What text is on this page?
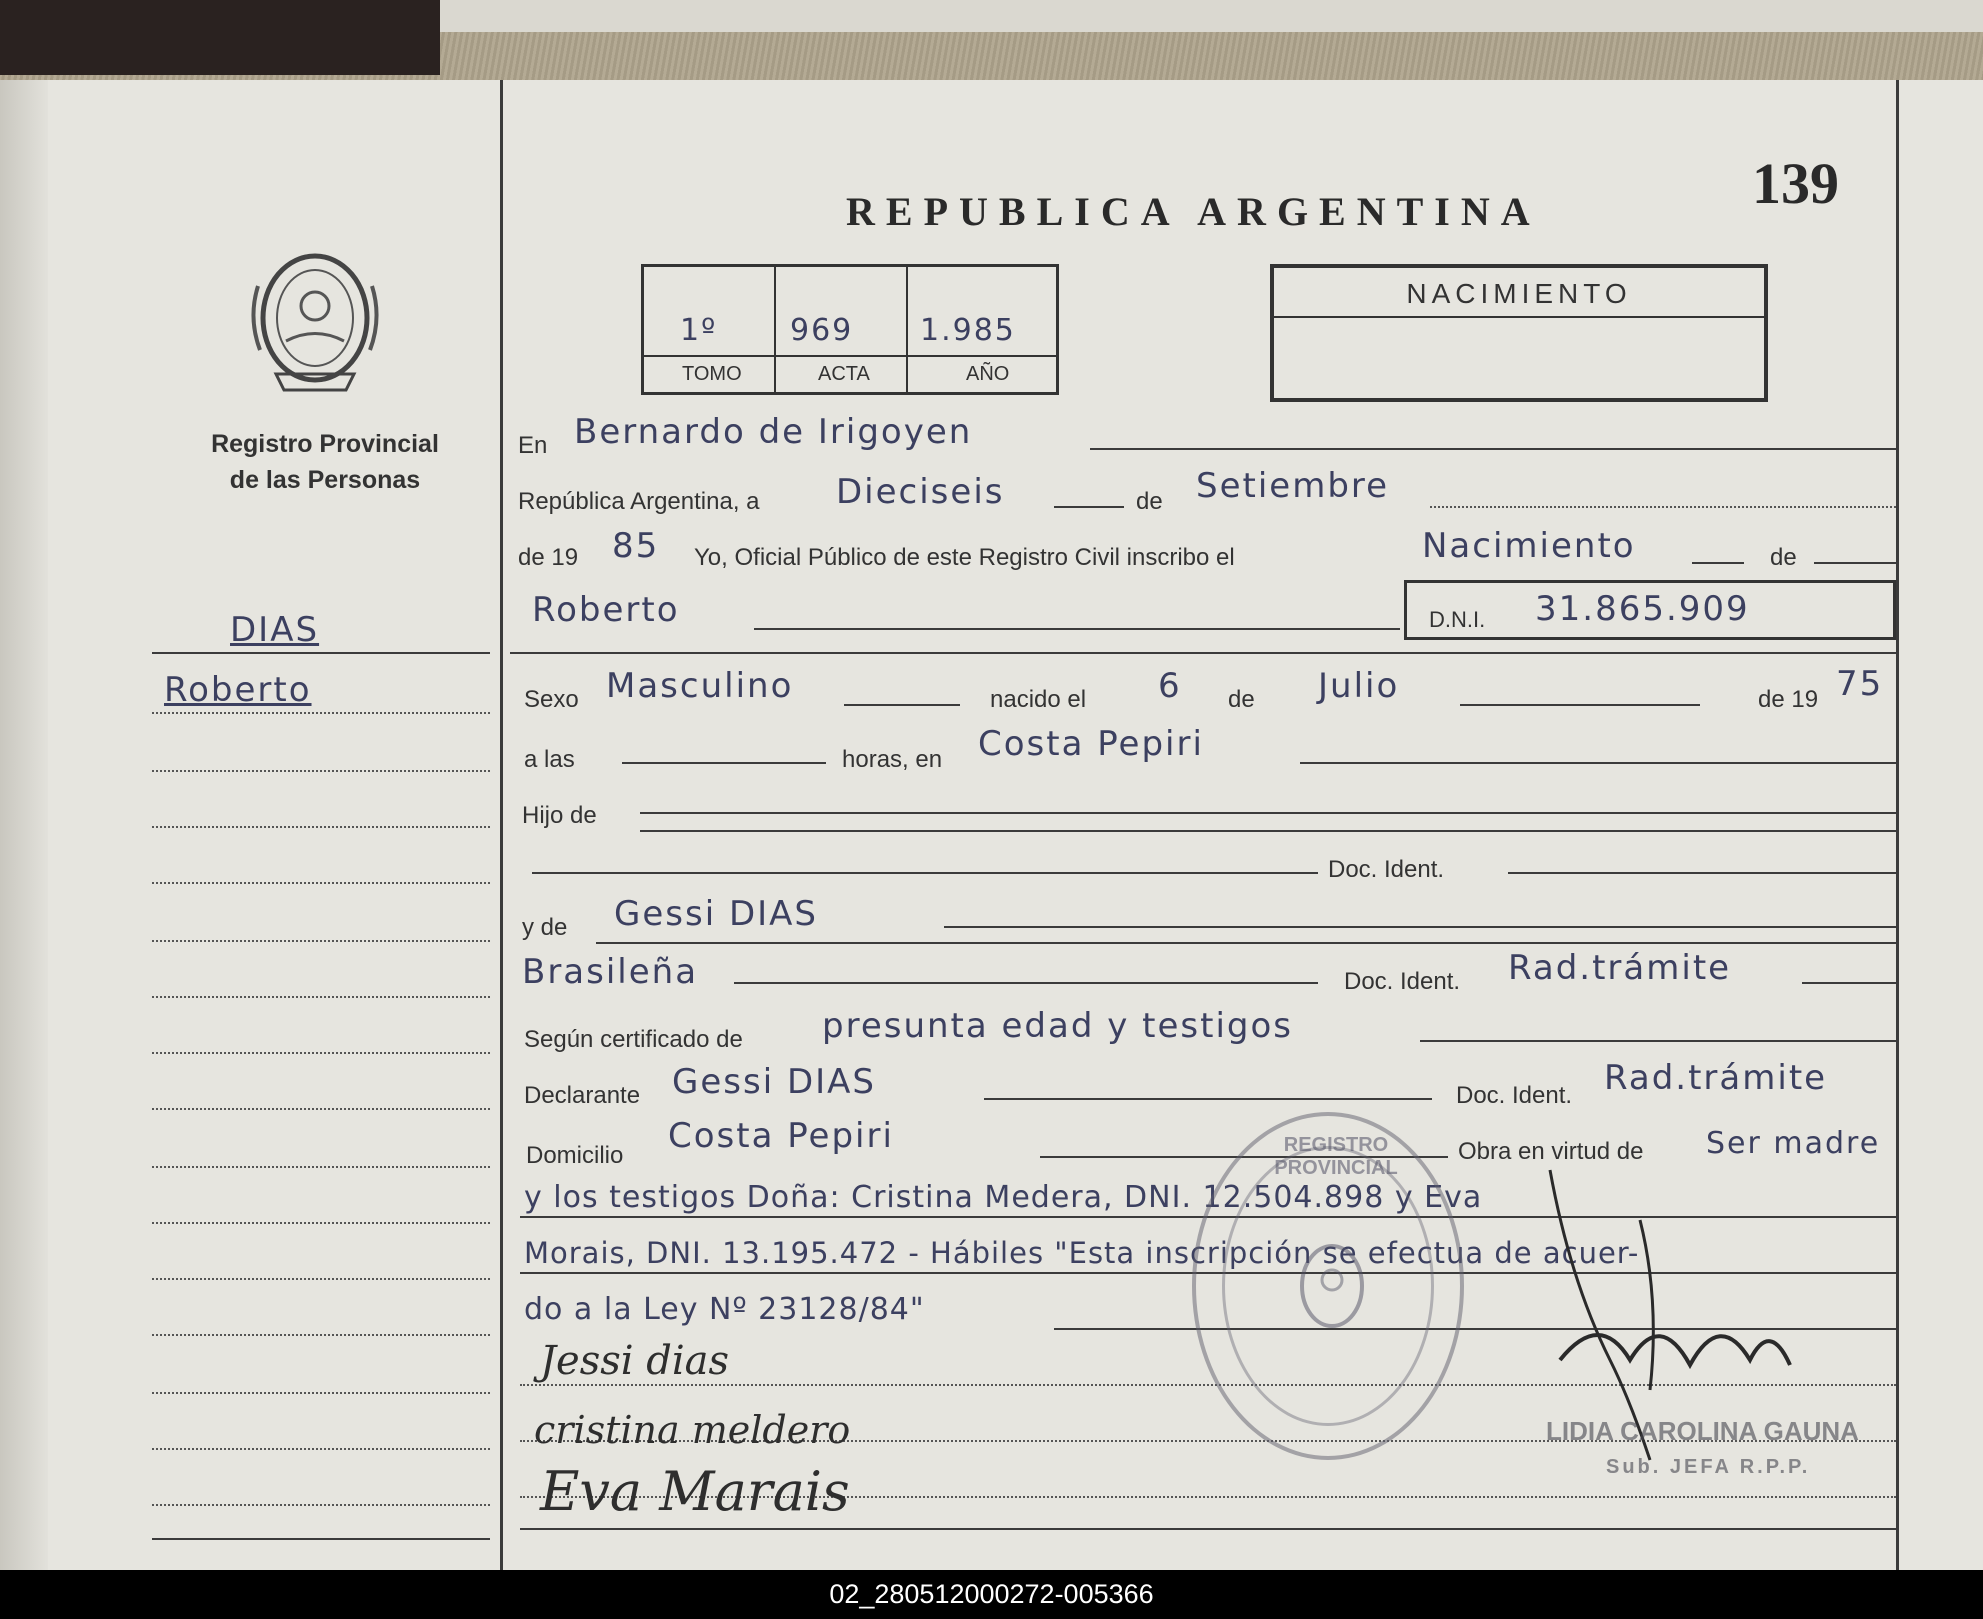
139
REPUBLICA ARGENTINA
Registro Provincial
de las Personas
1º 969 1.985
TOMO	ACTA	AÑO
NACIMIENTO
DIAS
Roberto
En Bernardo de Irigoyen
República Argentina, a Dieciseis	de Setiembre
de 19 85 Yo, Oficial Público de este Registro Civil inscribo el	Nacimiento	de
Roberto	D.N.I. 31.865.909
Sexo Masculino	nacido el 6 de Julio	de 19 75
a las	horas, en Costa Pepiri
Hijo de
Doc. Ident.
y de Gessi DIAS
Brasileña	Doc. Ident. Rad.trámite
Según certificado de presunta edad y testigos
Declarante Gessi DIAS	Doc. Ident. Rad.trámite
Domicilio Costa Pepiri	Obra en virtud de Ser madre
y los testigos Doña: Cristina Medera, DNI. 12.504.898 y Eva
Morais, DNI. 13.195.472 - Hábiles "Esta inscripción se efectua de acuer-
do a la Ley Nº 23128/84"
Jessi dias
cristina meldero
Eva Marais
REGISTRO PROVINCIAL
LIDIA CAROLINA GAUNA
Sub. JEFA R.P.P.
02_280512000272-005366
